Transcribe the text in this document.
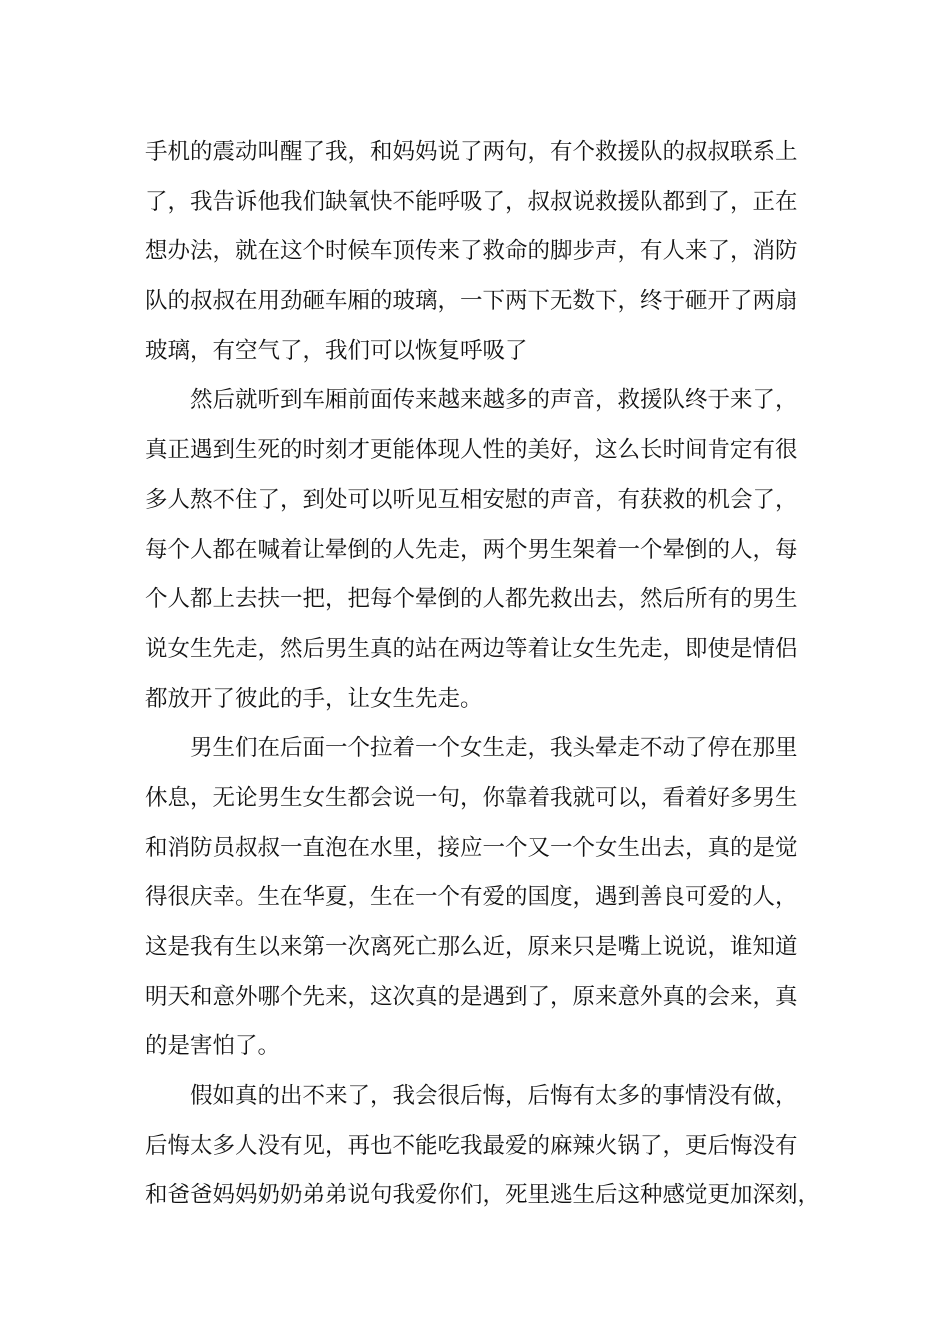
手机的震动叫醒了我，和妈妈说了两句，有个救援队的叔叔联系上
了，我告诉他我们缺氧快不能呼吸了，叔叔说救援队都到了，正在
想办法，就在这个时候车顶传来了救命的脚步声，有人来了，消防
队的叔叔在用劲砸车厢的玻璃，一下两下无数下，终于砸开了两扇
玻璃，有空气了，我们可以恢复呼吸了
然后就听到车厢前面传来越来越多的声音，救援队终于来了，
真正遇到生死的时刻才更能体现人性的美好，这么长时间肯定有很
多人熬不住了，到处可以听见互相安慰的声音，有获救的机会了，
每个人都在喊着让晕倒的人先走，两个男生架着一个晕倒的人，每
个人都上去扶一把，把每个晕倒的人都先救出去，然后所有的男生
说女生先走，然后男生真的站在两边等着让女生先走，即使是情侣
都放开了彼此的手，让女生先走。
男生们在后面一个拉着一个女生走，我头晕走不动了停在那里
休息，无论男生女生都会说一句，你靠着我就可以，看着好多男生
和消防员叔叔一直泡在水里，接应一个又一个女生出去，真的是觉
得很庆幸。生在华夏，生在一个有爱的国度，遇到善良可爱的人，
这是我有生以来第一次离死亡那么近，原来只是嘴上说说，谁知道
明天和意外哪个先来，这次真的是遇到了，原来意外真的会来，真
的是害怕了。
假如真的出不来了，我会很后悔，后悔有太多的事情没有做，
后悔太多人没有见，再也不能吃我最爱的麻辣火锅了，更后悔没有
和爸爸妈妈奶奶弟弟说句我爱你们，死里逃生后这种感觉更加深刻，
